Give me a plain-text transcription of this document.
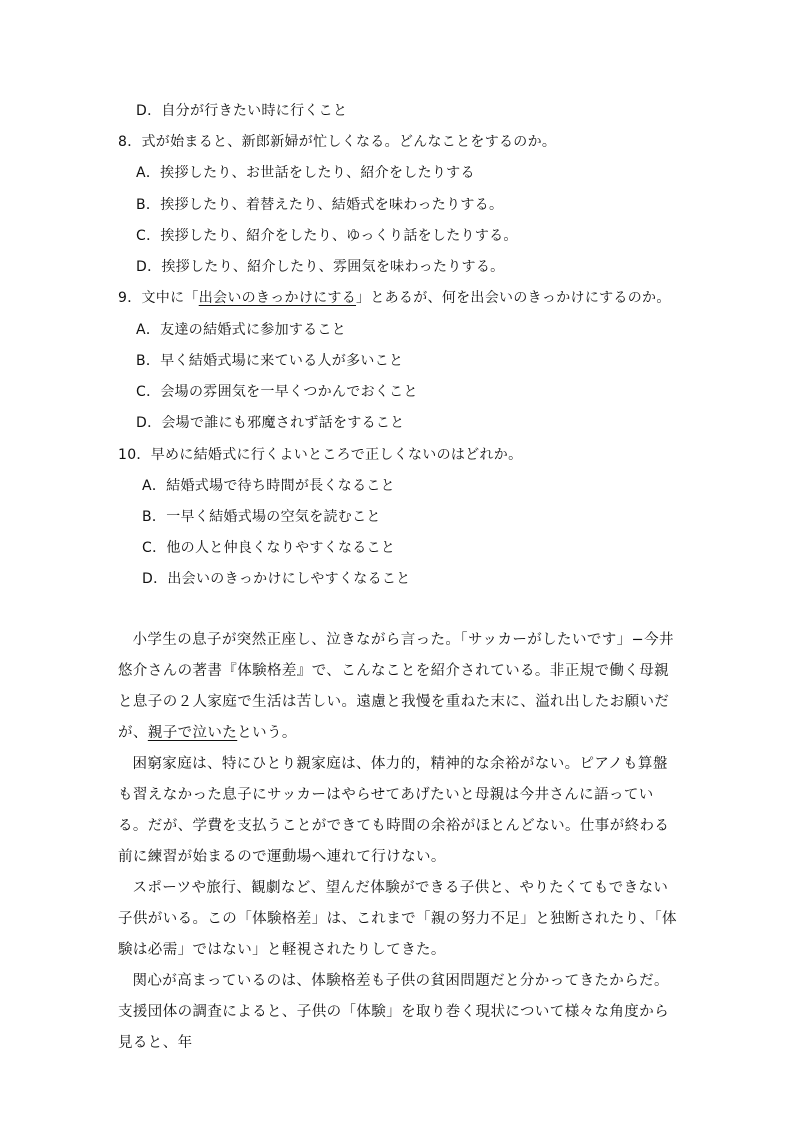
D．自分が行きたい時に行くこと
8．式が始まると、新郎新婦が忙しくなる。どんなことをするのか。
A．挨拶したり、お世話をしたり、紹介をしたりする
B．挨拶したり、着替えたり、結婚式を味わったりする。
C．挨拶したり、紹介をしたり、ゆっくり話をしたりする。
D．挨拶したり、紹介したり、雰囲気を味わったりする。
9．文中に「出会いのきっかけにする」とあるが、何を出会いのきっかけにするのか。
A．友達の結婚式に参加すること
B．早く結婚式場に来ている人が多いこと
C．会場の雰囲気を一早くつかんでおくこと
D．会場で誰にも邪魔されず話をすること
10．早めに結婚式に行くよいところで正しくないのはどれか。
A．結婚式場で待ち時間が長くなること
B．一早く結婚式場の空気を読むこと
C．他の人と仲良くなりやすくなること
D．出会いのきっかけにしやすくなること

小学生の息子が突然正座し、泣きながら言った。「サッカーがしたいです」−今井悠介さんの著書『体験格差』で、こんなことを紹介されている。非正規で働く母親と息子の２人家庭で生活は苦しい。遠慮と我慢を重ねた末に、溢れ出したお願いだが、親子で泣いたという。

困窮家庭は、特にひとり親家庭は、体力的，精神的な余裕がない。ピアノも算盤も習えなかった息子にサッカーはやらせてあげたいと母親は今井さんに語っている。だが、学費を支払うことができても時間の余裕がほとんどない。仕事が終わる前に練習が始まるので運動場へ連れて行けない。

スポーツや旅行、観劇など、望んだ体験ができる子供と、やりたくてもできない子供がいる。この「体験格差」は、これまで「親の努力不足」と独断されたり、「体験は必需」ではない」と軽視されたりしてきた。

関心が高まっているのは、体験格差も子供の貧困問題だと分かってきたからだ。支援団体の調査によると、子供の「体験」を取り巻く現状について様々な角度から見ると、年
